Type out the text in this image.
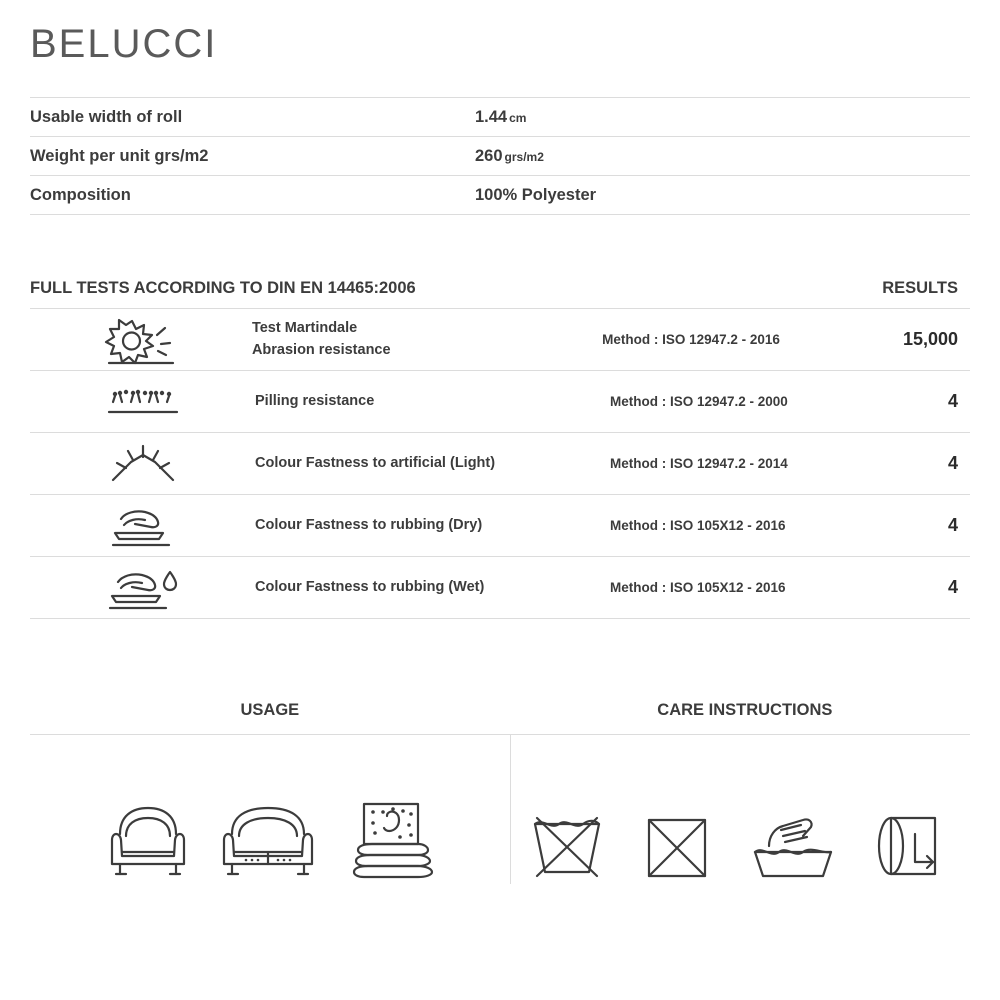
BELUCCI
Usable width of roll	1.44 cm
Weight per unit grs/m2	260 grs/m2
Composition	100% Polyester
FULL TESTS ACCORDING TO DIN EN 14465:2006	RESULTS
Test Martindale
Abrasion resistance
Method : ISO 12947.2 - 2016	15,000
Pilling resistance	Method : ISO 12947.2 - 2000	4
Colour Fastness to artificial (Light)	Method : ISO 12947.2 - 2014	4
Colour Fastness to rubbing (Dry)	Method : ISO 105X12 - 2016	4
Colour Fastness to rubbing (Wet)	Method : ISO 105X12 - 2016	4
USAGE	CARE INSTRUCTIONS
